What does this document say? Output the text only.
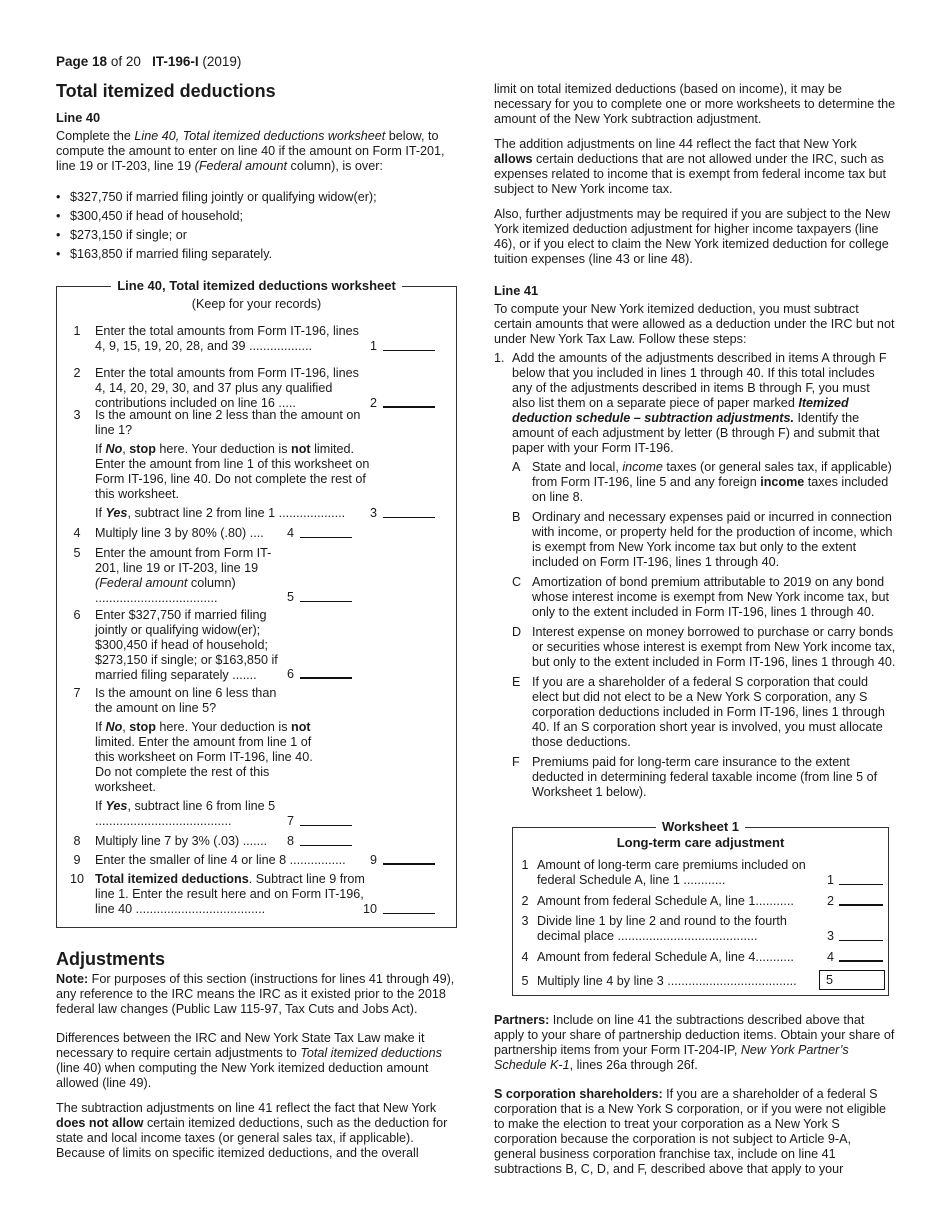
Page 18 of 20 IT-196-I (2019)
Total itemized deductions
Line 40

Complete the Line 40, Total itemized deductions worksheet below, to compute the amount to enter on line 40 if the amount on Form IT-201, line 19 or IT-203, line 19 (Federal amount column), is over:

• $327,750 if married filing jointly or qualifying widow(er);
• $300,450 if head of household;
• $273,150 if single; or
• $163,850 if married filing separately.
Line 40, Total itemized deductions worksheet
(Keep for your records)
1	Enter the total amounts from Form IT-196, lines 4, 9, 15, 19, 20, 28, and 39 ..................	1
2	Enter the total amounts from Form IT-196, lines 4, 14, 20, 29, 30, and 37 plus any qualified contributions included on line 16 .....	2
3	Is the amount on line 2 less than the amount on line 1?
If No, stop here. Your deduction is not limited. Enter the amount from line 1 of this worksheet on Form IT-196, line 40. Do not complete the rest of this worksheet.
If Yes, subtract line 2 from line 1 ...................	3
4	Multiply line 3 by 80% (.80) ....	4
5	Enter the amount from Form IT-201, line 19 or IT-203, line 19 (Federal amount column) ...................................	5
6	Enter $327,750 if married filing jointly or qualifying widow(er); $300,450 if head of household; $273,150 if single; or $163,850 if married filing separately .......	6
7	Is the amount on line 6 less than the amount on line 5?
If No, stop here. Your deduction is not limited. Enter the amount from line 1 of this worksheet on Form IT-196, line 40. Do not complete the rest of this worksheet.
If Yes, subtract line 6 from line 5 .......................................	7
8	Multiply line 7 by 3% (.03) .......	8
9	Enter the smaller of line 4 or line 8 ................	9
10 Total itemized deductions. Subtract line 9 from line 1. Enter the result here and on Form IT-196, line 40 .....................................	10
Adjustments

Note: For purposes of this section (instructions for lines 41 through 49), any reference to the IRC means the IRC as it existed prior to the 2018 federal law changes (Public Law 115-97, Tax Cuts and Jobs Act).

Differences between the IRC and New York State Tax Law make it necessary to require certain adjustments to Total itemized deductions (line 40) when computing the New York itemized deduction amount allowed (line 49).

The subtraction adjustments on line 41 reflect the fact that New York does not allow certain itemized deductions, such as the deduction for state and local income taxes (or general sales tax, if applicable). Because of limits on specific itemized deductions, and the overall

limit on total itemized deductions (based on income), it may be necessary for you to complete one or more worksheets to determine the amount of the New York subtraction adjustment.

The addition adjustments on line 44 reflect the fact that New York allows certain deductions that are not allowed under the IRC, such as expenses related to income that is exempt from federal income tax but subject to New York income tax.

Also, further adjustments may be required if you are subject to the New York itemized deduction adjustment for higher income taxpayers (line 46), or if you elect to claim the New York itemized deduction for college tuition expenses (line 43 or line 48).

Line 41

To compute your New York itemized deduction, you must subtract certain amounts that were allowed as a deduction under the IRC but not under New York Tax Law. Follow these steps:

1. Add the amounts of the adjustments described in items A through F below that you included in lines 1 through 40. If this total includes any of the adjustments described in items B through F, you must also list them on a separate piece of paper marked Itemized deduction schedule – subtraction adjustments. Identify the amount of each adjustment by letter (B through F) and submit that paper with your Form IT-196.
A State and local, income taxes (or general sales tax, if applicable) from Form IT-196, line 5 and any foreign income taxes included on line 8.
B Ordinary and necessary expenses paid or incurred in connection with income, or property held for the production of income, which is exempt from New York income tax but only to the extent included on Form IT-196, lines 1 through 40.
C Amortization of bond premium attributable to 2019 on any bond whose interest income is exempt from New York income tax, but only to the extent included in Form IT-196, lines 1 through 40.
D Interest expense on money borrowed to purchase or carry bonds or securities whose interest is exempt from New York income tax, but only to the extent included in Form IT-196, lines 1 through 40.
E If you are a shareholder of a federal S corporation that could elect but did not elect to be a New York S corporation, any S corporation deductions included in Form IT-196, lines 1 through 40. If an S corporation short year is involved, you must allocate those deductions.
F Premiums paid for long-term care insurance to the extent deducted in determining federal taxable income (from line 5 of Worksheet 1 below).
Worksheet 1
Long-term care adjustment
1 Amount of long-term care premiums included on federal Schedule A, line 1 ............	1
2 Amount from federal Schedule A, line 1...........	2
3 Divide line 1 by line 2 and round to the fourth decimal place ........................................	3
4 Amount from federal Schedule A, line 4...........	4
5 Multiply line 4 by line 3 .....................................	5

Partners: Include on line 41 the subtractions described above that apply to your share of partnership deduction items. Obtain your share of partnership items from your Form IT-204-IP, New York Partner’s Schedule K-1, lines 26a through 26f.

S corporation shareholders: If you are a shareholder of a federal S corporation that is a New York S corporation, or if you were not eligible to make the election to treat your corporation as a New York S corporation because the corporation is not subject to Article 9-A, general business corporation franchise tax, include on line 41 subtractions B, C, D, and F, described above that apply to your
